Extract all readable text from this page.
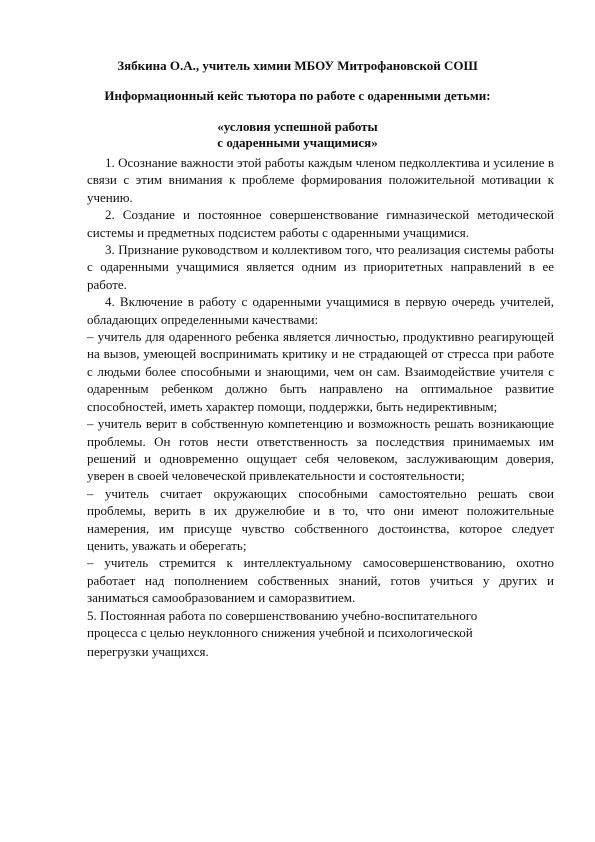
Зябкина О.А., учитель химии МБОУ Митрофановской СОШ
Информационный кейс тьютора по работе с одаренными детьми:
«условия успешной работы
с одаренными учащимися»

1. Осознание важности этой работы каждым членом педколлектива и усиление в связи с этим внимания к проблеме формирования положительной мотивации к учению.

2. Создание и постоянное совершенствование гимназической методической системы и предметных подсистем работы с одаренными учащимися.

3. Признание руководством и коллективом того, что реализация системы работы с одаренными учащимися является одним из приоритетных направлений в ее работе.

4. Включение в работу с одаренными учащимися в первую очередь учителей, обладающих определенными качествами:

– учитель для одаренного ребенка является личностью, продуктивно реагирующей на вызов, умеющей воспринимать критику и не страдающей от стресса при работе с людьми более способными и знающими, чем он сам. Взаимодействие учителя с одаренным ребенком должно быть направлено на оптимальное развитие способностей, иметь характер помощи, поддержки, быть недирективным;

– учитель верит в собственную компетенцию и возможность решать возникающие проблемы. Он готов нести ответственность за последствия принимаемых им решений и одновременно ощущает себя человеком, заслуживающим доверия, уверен в своей человеческой привлекательности и состоятельности;

– учитель считает окружающих способными самостоятельно решать свои проблемы, верить в их дружелюбие и в то, что они имеют положительные намерения, им присуще чувство собственного достоинства, которое следует ценить, уважать и оберегать;

– учитель стремится к интеллектуальному самосовершенствованию, охотно работает над пополнением собственных знаний, готов учиться у других и заниматься самообразованием и саморазвитием.

5. Постоянная работа по совершенствованию учебно-воспитательного
процесса с целью неуклонного снижения учебной и психологической
перегрузки учащихся.
